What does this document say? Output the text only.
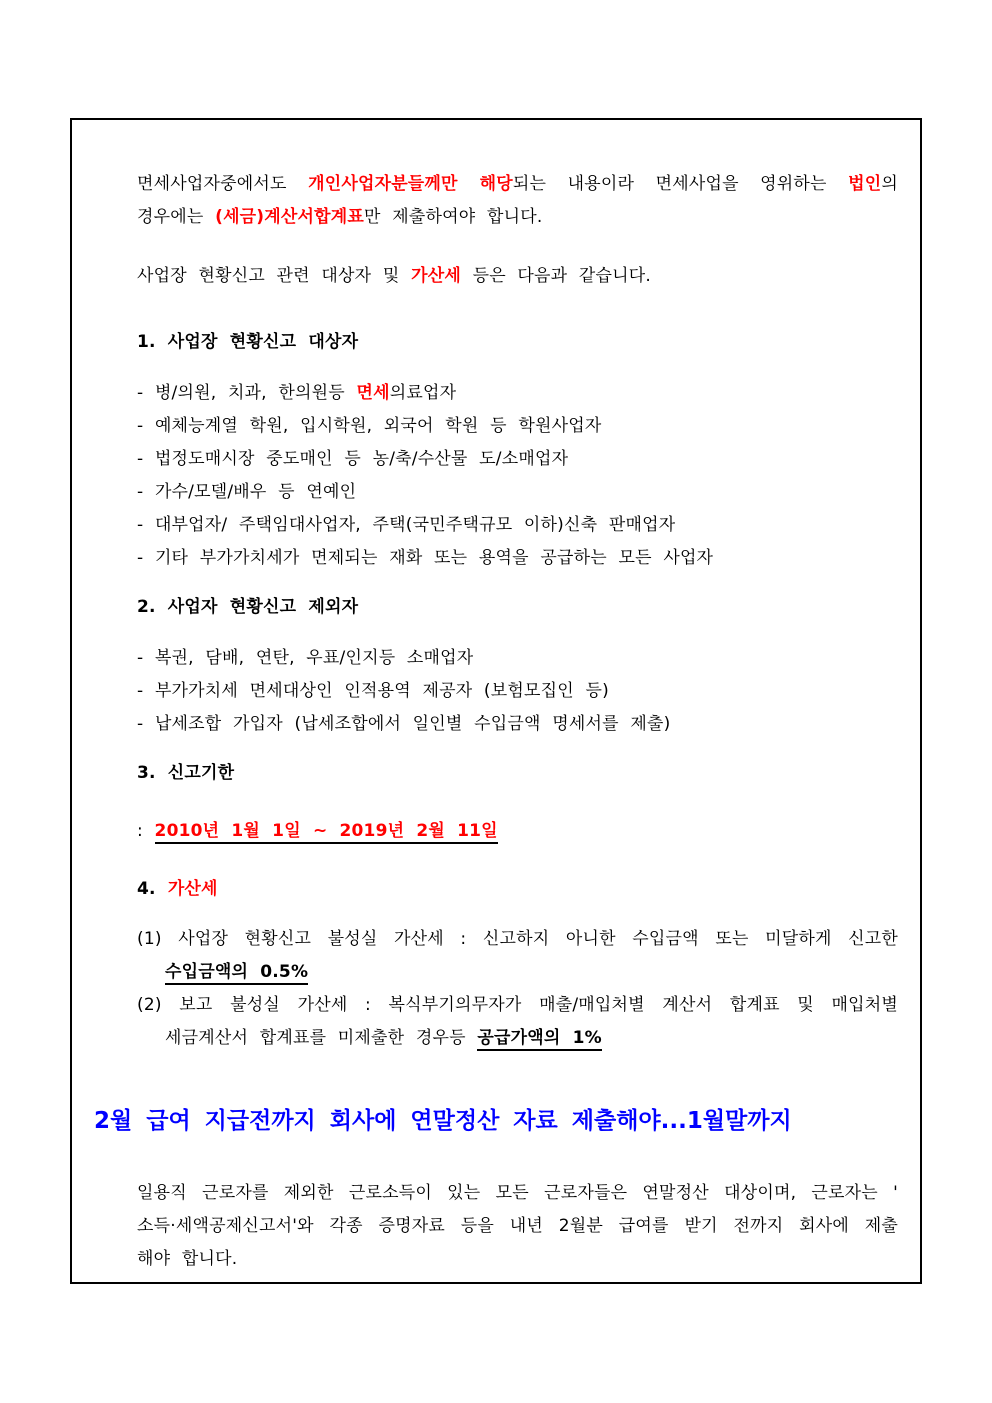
면세사업자중에서도 개인사업자분들께만 해당되는 내용이라 면세사업을 영위하는 법인의
경우에는 (세금)계산서합계표만 제출하여야 합니다.
사업장 현황신고 관련 대상자 및 가산세 등은 다음과 같습니다.
1. 사업장 현황신고 대상자
- 병/의원, 치과, 한의원등 면세의료업자
- 예체능계열 학원, 입시학원, 외국어 학원 등 학원사업자
- 법정도매시장 중도매인 등 농/축/수산물 도/소매업자
- 가수/모델/배우 등 연예인
- 대부업자/ 주택임대사업자, 주택(국민주택규모 이하)신축 판매업자
- 기타 부가가치세가 면제되는 재화 또는 용역을 공급하는 모든 사업자
2. 사업자 현황신고 제외자
- 복권, 담배, 연탄, 우표/인지등 소매업자
- 부가가치세 면세대상인 인적용역 제공자 (보험모집인 등)
- 납세조합 가입자 (납세조합에서 일인별 수입금액 명세서를 제출)
3. 신고기한
: 2010년 1월 1일 ~ 2019년 2월 11일
4. 가산세
(1) 사업장 현황신고 불성실 가산세 : 신고하지 아니한 수입금액 또는 미달하게 신고한
수입금액의 0.5%
(2) 보고 불성실 가산세 : 복식부기의무자가 매출/매입처별 계산서 합계표 및 매입처별
세금계산서 합계표를 미제출한 경우등 공급가액의 1%
2월 급여 지급전까지 회사에 연말정산 자료 제출해야...1월말까지
일용직 근로자를 제외한 근로소득이 있는 모든 근로자들은 연말정산 대상이며, 근로자는 '
소득·세액공제신고서'와 각종 증명자료 등을 내년 2월분 급여를 받기 전까지 회사에 제출
해야 합니다.
